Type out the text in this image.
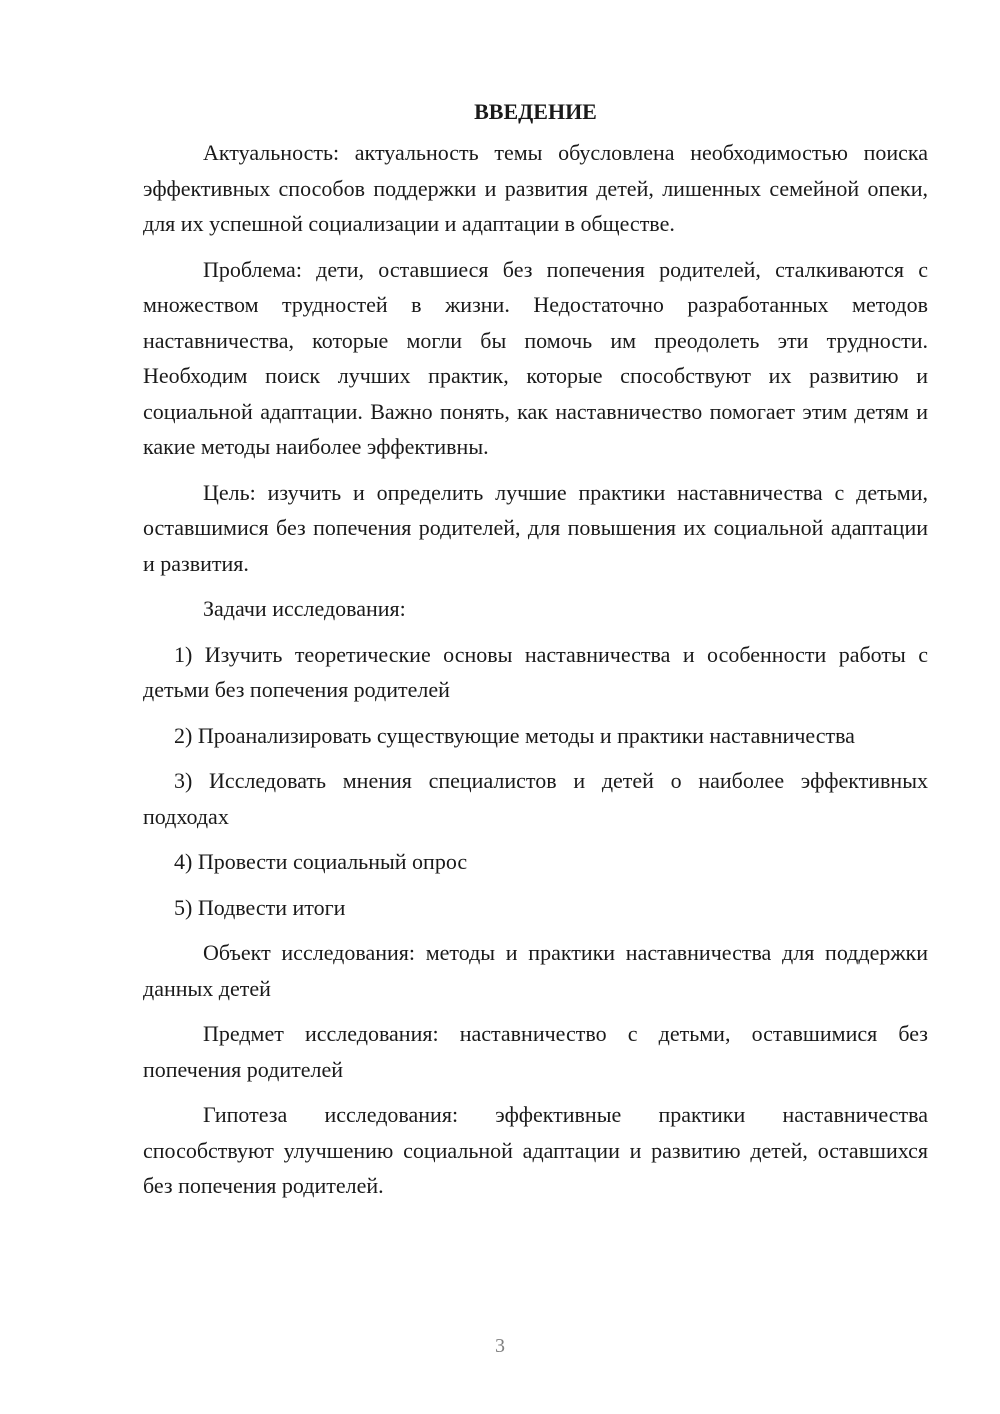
ВВЕДЕНИЕ

Актуальность: актуальность темы обусловлена необходимостью поиска эффективных способов поддержки и развития детей, лишенных семейной опеки, для их успешной социализации и адаптации в обществе.

Проблема: дети, оставшиеся без попечения родителей, сталкиваются с множеством трудностей в жизни. Недостаточно разработанных методов наставничества, которые могли бы помочь им преодолеть эти трудности. Необходим поиск лучших практик, которые способствуют их развитию и социальной адаптации. Важно понять, как наставничество помогает этим детям и какие методы наиболее эффективны.

Цель: изучить и определить лучшие практики наставничества с детьми, оставшимися без попечения родителей, для повышения их социальной адаптации и развития.

Задачи исследования:

1) Изучить теоретические основы наставничества и особенности работы с детьми без попечения родителей

2) Проанализировать существующие методы и практики наставничества

3) Исследовать мнения специалистов и детей о наиболее эффективных подходах

4) Провести социальный опрос

5) Подвести итоги

Объект исследования: методы и практики наставничества для поддержки данных детей

Предмет исследования: наставничество с детьми, оставшимися без попечения родителей

Гипотеза исследования: эффективные практики наставничества способствуют улучшению социальной адаптации и развитию детей, оставшихся без попечения родителей.

3
